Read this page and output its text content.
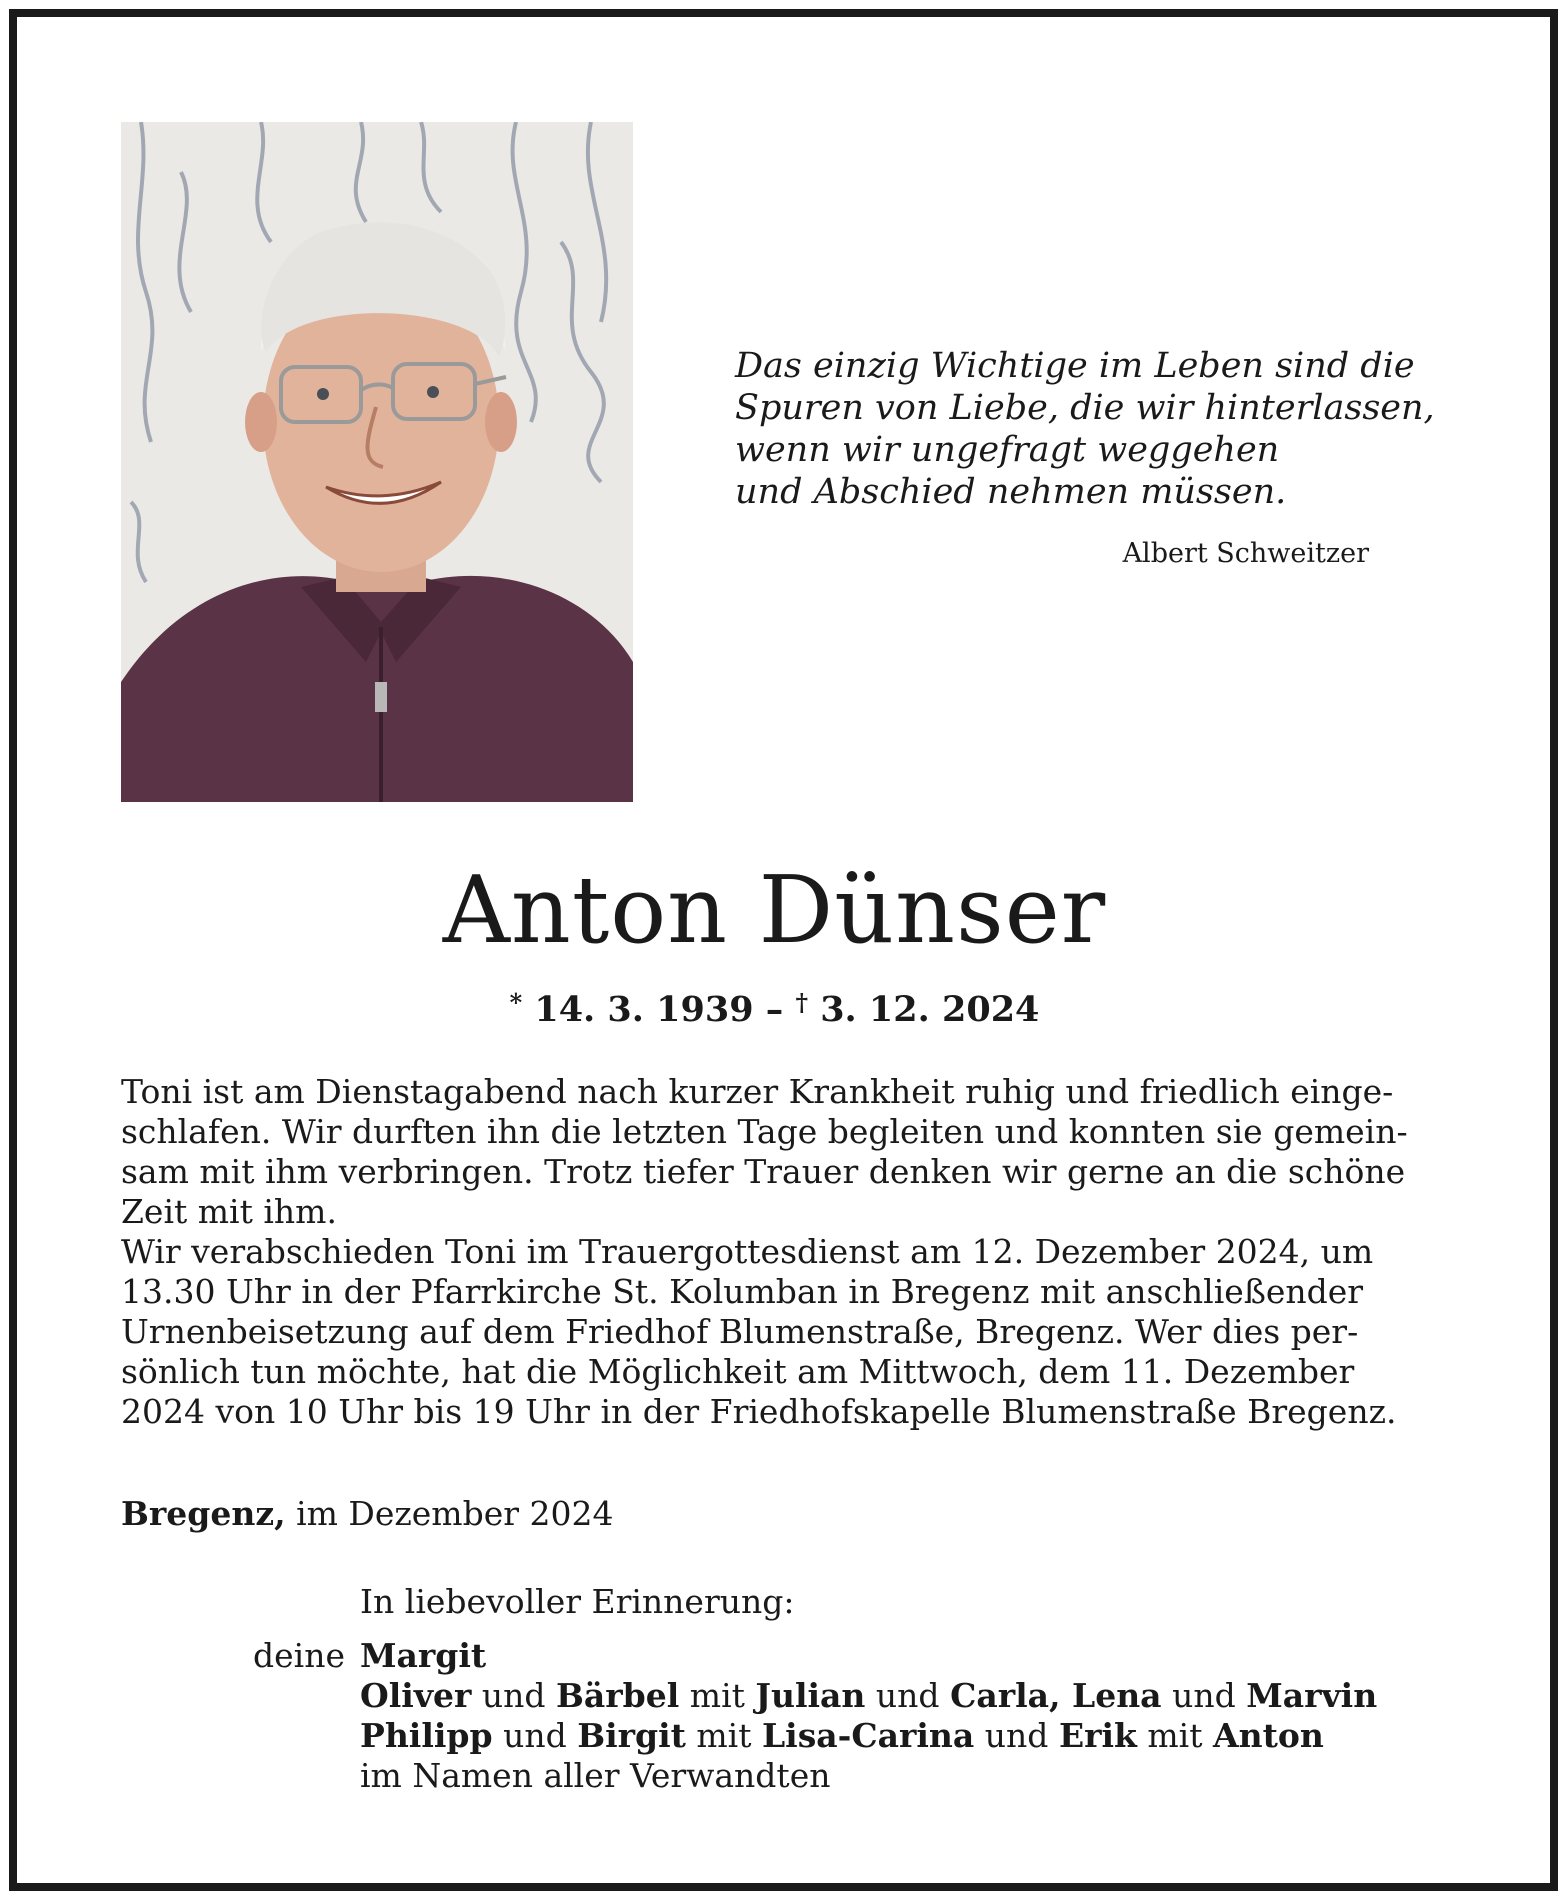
Das einzig Wichtige im Leben sind die
Spuren von Liebe, die wir hinterlassen,
wenn wir ungefragt weggehen
und Abschied nehmen müssen.
Albert Schweitzer
Anton Dünser
* 14. 3. 1939 – † 3. 12. 2024
Toni ist am Dienstagabend nach kurzer Krankheit ruhig und friedlich einge-
schlafen. Wir durften ihn die letzten Tage begleiten und konnten sie gemein-
sam mit ihm verbringen. Trotz tiefer Trauer denken wir gerne an die schöne
Zeit mit ihm.
Wir verabschieden Toni im Trauergottesdienst am 12. Dezember 2024, um
13.30 Uhr in der Pfarrkirche St. Kolumban in Bregenz mit anschließender
Urnenbeisetzung auf dem Friedhof Blumenstraße, Bregenz. Wer dies per-
sönlich tun möchte, hat die Möglichkeit am Mittwoch, dem 11. Dezember
2024 von 10 Uhr bis 19 Uhr in der Friedhofskapelle Blumenstraße Bregenz.
Bregenz, im Dezember 2024
In liebevoller Erinnerung:
deine Margit
Oliver und Bärbel mit Julian und Carla, Lena und Marvin
Philipp und Birgit mit Lisa-Carina und Erik mit Anton
im Namen aller Verwandten
